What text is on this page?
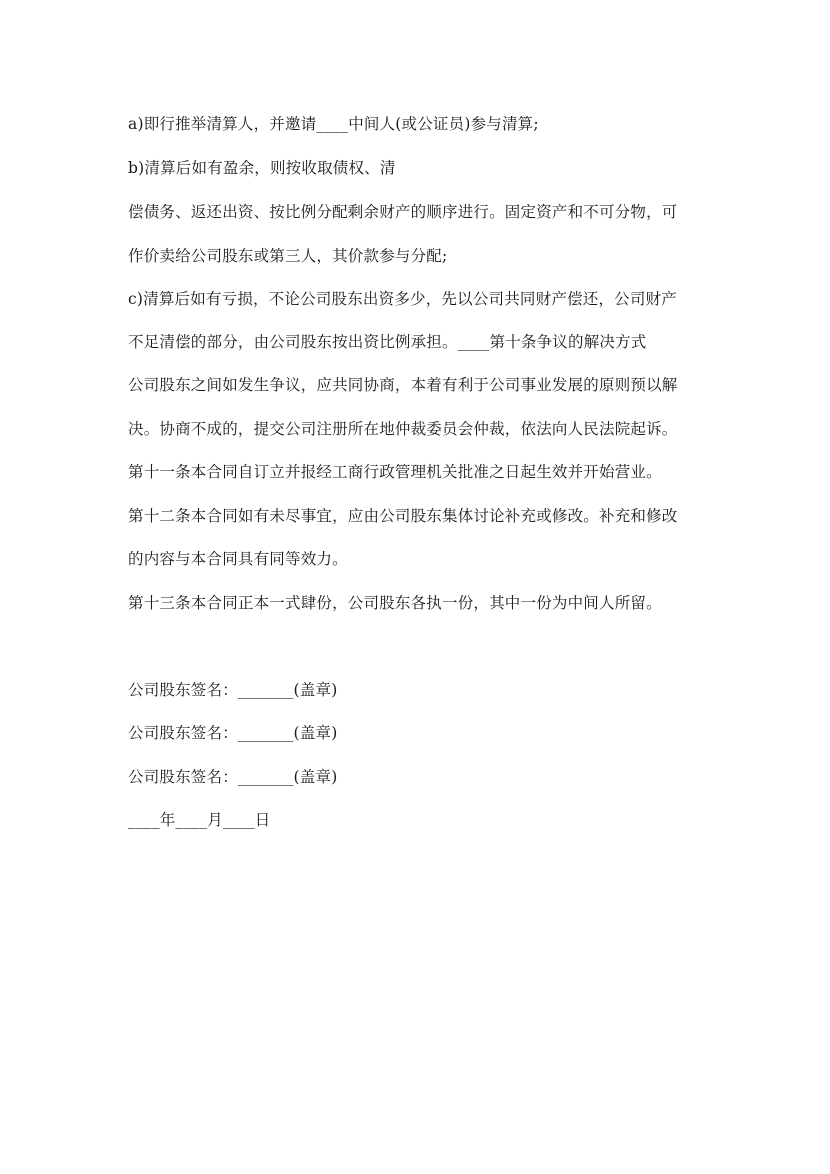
a)即行推举清算人，并邀请____中间人(或公证员)参与清算;
b)清算后如有盈余，则按收取债权、清
偿债务、返还出资、按比例分配剩余财产的顺序进行。固定资产和不可分物，可
作价卖给公司股东或第三人，其价款参与分配;
c)清算后如有亏损，不论公司股东出资多少，先以公司共同财产偿还，公司财产
不足清偿的部分，由公司股东按出资比例承担。____第十条争议的解决方式
公司股东之间如发生争议，应共同协商，本着有利于公司事业发展的原则预以解
决。协商不成的，提交公司注册所在地仲裁委员会仲裁，依法向人民法院起诉。
第十一条本合同自订立并报经工商行政管理机关批准之日起生效并开始营业。
第十二条本合同如有未尽事宜，应由公司股东集体讨论补充或修改。补充和修改
的内容与本合同具有同等效力。
第十三条本合同正本一式肆份，公司股东各执一份，其中一份为中间人所留。
公司股东签名：_______(盖章)
公司股东签名：_______(盖章)
公司股东签名：_______(盖章)
____年____月____日
